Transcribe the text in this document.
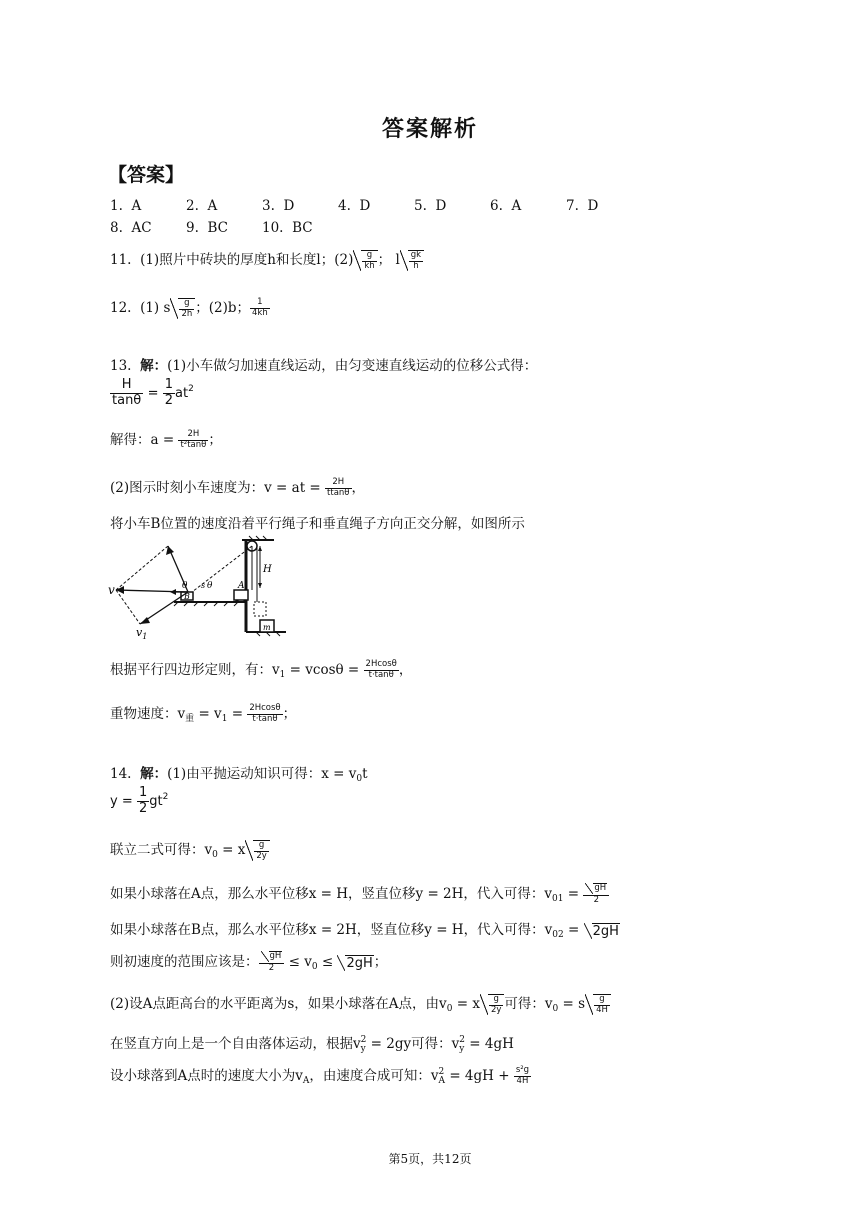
答案解析
【答案】
1. A	2. A	3. D	4. D	5. D	6. A	7. D
8. AC	9. BC	10. BC
11. (1)照片中砖块的厚度h和长度l；$(2) \frac{g}{kh}$ ； l $\frac{gk}{h}$
12. (1) s $\frac{g}{2h}$ ；(2)b； $\frac{1}{4kh}$
13. 解：(1)小车做匀加速直线运动，由匀变速直线运动的位移公式得：
$\frac{H}{\tan\theta} = \frac{1}{2} at^2$
解得：$a = \frac{2H}{\text{t²tanθ}}$ ；
(2)图示时刻小车速度为：v = at = $\frac{2H}{ttan\theta}$ ，
将小车B位置的速度沿着平行绳子和垂直绳子方向正交分解，如图所示
v
$v_1$
θ θ
s
B
A
H
m
根据平行四边形定则，有：$v_1 = vcos\theta = \frac{2Hcos\theta}{t\cdot\tan\theta}$ ，
重物速度：$v_重 = v_1 = \frac{2Hcos\theta}{t\cdot\tan\theta}$ ；
14. 解：(1)由平抛运动知识可得：$x = v_0t$
$y = \frac{1}{2} gt^2$
联立二式可得：$v_0 = x \frac{g}{2y}$
如果小球落在A点，那么水平位移x = H，竖直位移y = 2H，代入可得：$v_{01} = \frac{gH}{2}$
如果小球落在B点，那么水平位移x = 2H，竖直位移y = H，代入可得：$v_{02} = 2gH$
则初速度的范围应该是： $\frac{gH}{2} \le v_0 \le 2gH$；
(2)设A点距高台的水平距离为s，如果小球落在A点，由$v_0 = x \frac{g}{2y}$ 可得：$v_0 = s \frac{g}{4H}$
在竖直方向上是一个自由落体运动，根据v 2
y = 2gy可得：v 2
y = 4gH
设小球落到A点时的速度大小为$v_A$，由速度合成可知：v 2
$A = 4gH + \frac{\text{s²g}}{4H}$
第5页，共12页
